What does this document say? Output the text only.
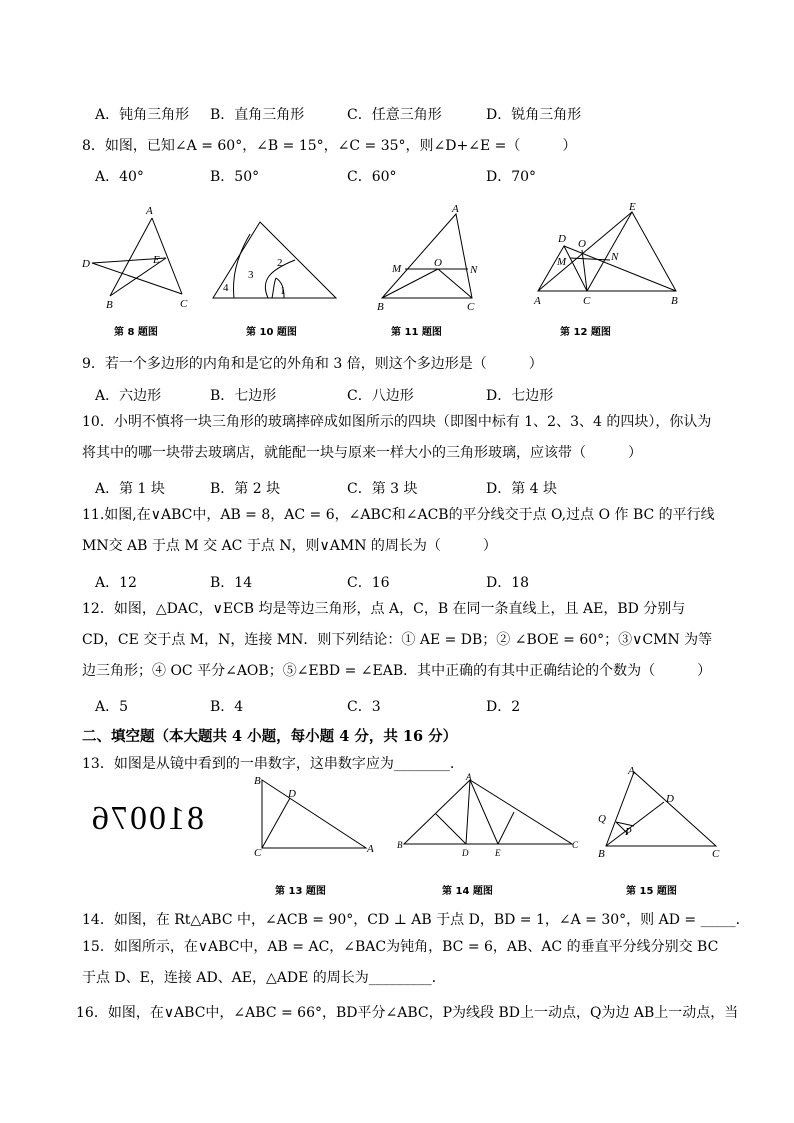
A．钝角三角形 B．直角三角形	C．任意三角形	D．锐角三角形
8．如图，已知∠A = 60°，∠B = 15°，∠C = 35°，则∠D+∠E =（　　　）
A．40°	B．50°	C．60°	D．70°
A
D	E
B	C
第 8 题图
2
3
1
4
第 10 题图
A
M	O
N
B	C
第 11 题图
E
D O
M	N
A	C	B
第 12 题图
9．若一个多边形的内角和是它的外角和 3 倍，则这个多边形是（　　　）
A．六边形	B．七边形	C．八边形	D．七边形
10．小明不慎将一块三角形的玻璃摔碎成如图所示的四块（即图中标有 1、2、3、4 的四块），你认为将其中的哪一块带去玻璃店，就能配一块与原来一样大小的三角形玻璃，应该带（　　　）
A．第 1 块	B．第 2 块	C．第 3 块	D．第 4 块
11.如图,在∨ABC中，AB = 8，AC = 6，∠ABC和∠ACB的平分线交于点 O,过点 O 作 BC 的平行线MN交 AB 于点 M 交 AC 于点 N，则∨AMN 的周长为（　　　）
A．12	B．14	C．16	D．18
12．如图，△DAC，∨ECB 均是等边三角形，点 A，C，B 在同一条直线上，且 AE，BD 分别与 CD，CE 交于点 M，N，连接 MN．则下列结论：① AE = DB；② ∠BOE = 60°；③∨CMN 为等边三角形；④ OC 平分∠AOB；⑤∠EBD = ∠EAB．其中正确的有其中正确结论的个数为（　　　）
A．5	B．4	C．3	D．2
二、填空题（本大题共 4 小题，每小题 4 分，共 16 分）
13．如图是从镜中看到的一串数字，这串数字应为________.
810076
B
D
C	A
第 13 题图
A
B
D	E
C
第 14 题图
A
D
Q
P
B	C
第 15 题图
14．如图，在 Rt△ABC 中，∠ACB = 90°，CD ⊥ AB 于点 D，BD = 1，∠A = 30°，则 AD = _____．
15．如图所示，在∨ABC中，AB = AC，∠BAC为钝角，BC = 6，AB、AC 的垂直平分线分别交 BC于点 D、E，连接 AD、AE，△ADE 的周长为_________．
16．如图，在∨ABC中，∠ABC = 66°，BD平分∠ABC，P为线段 BD上一动点，Q为边 AB上一动点，当
